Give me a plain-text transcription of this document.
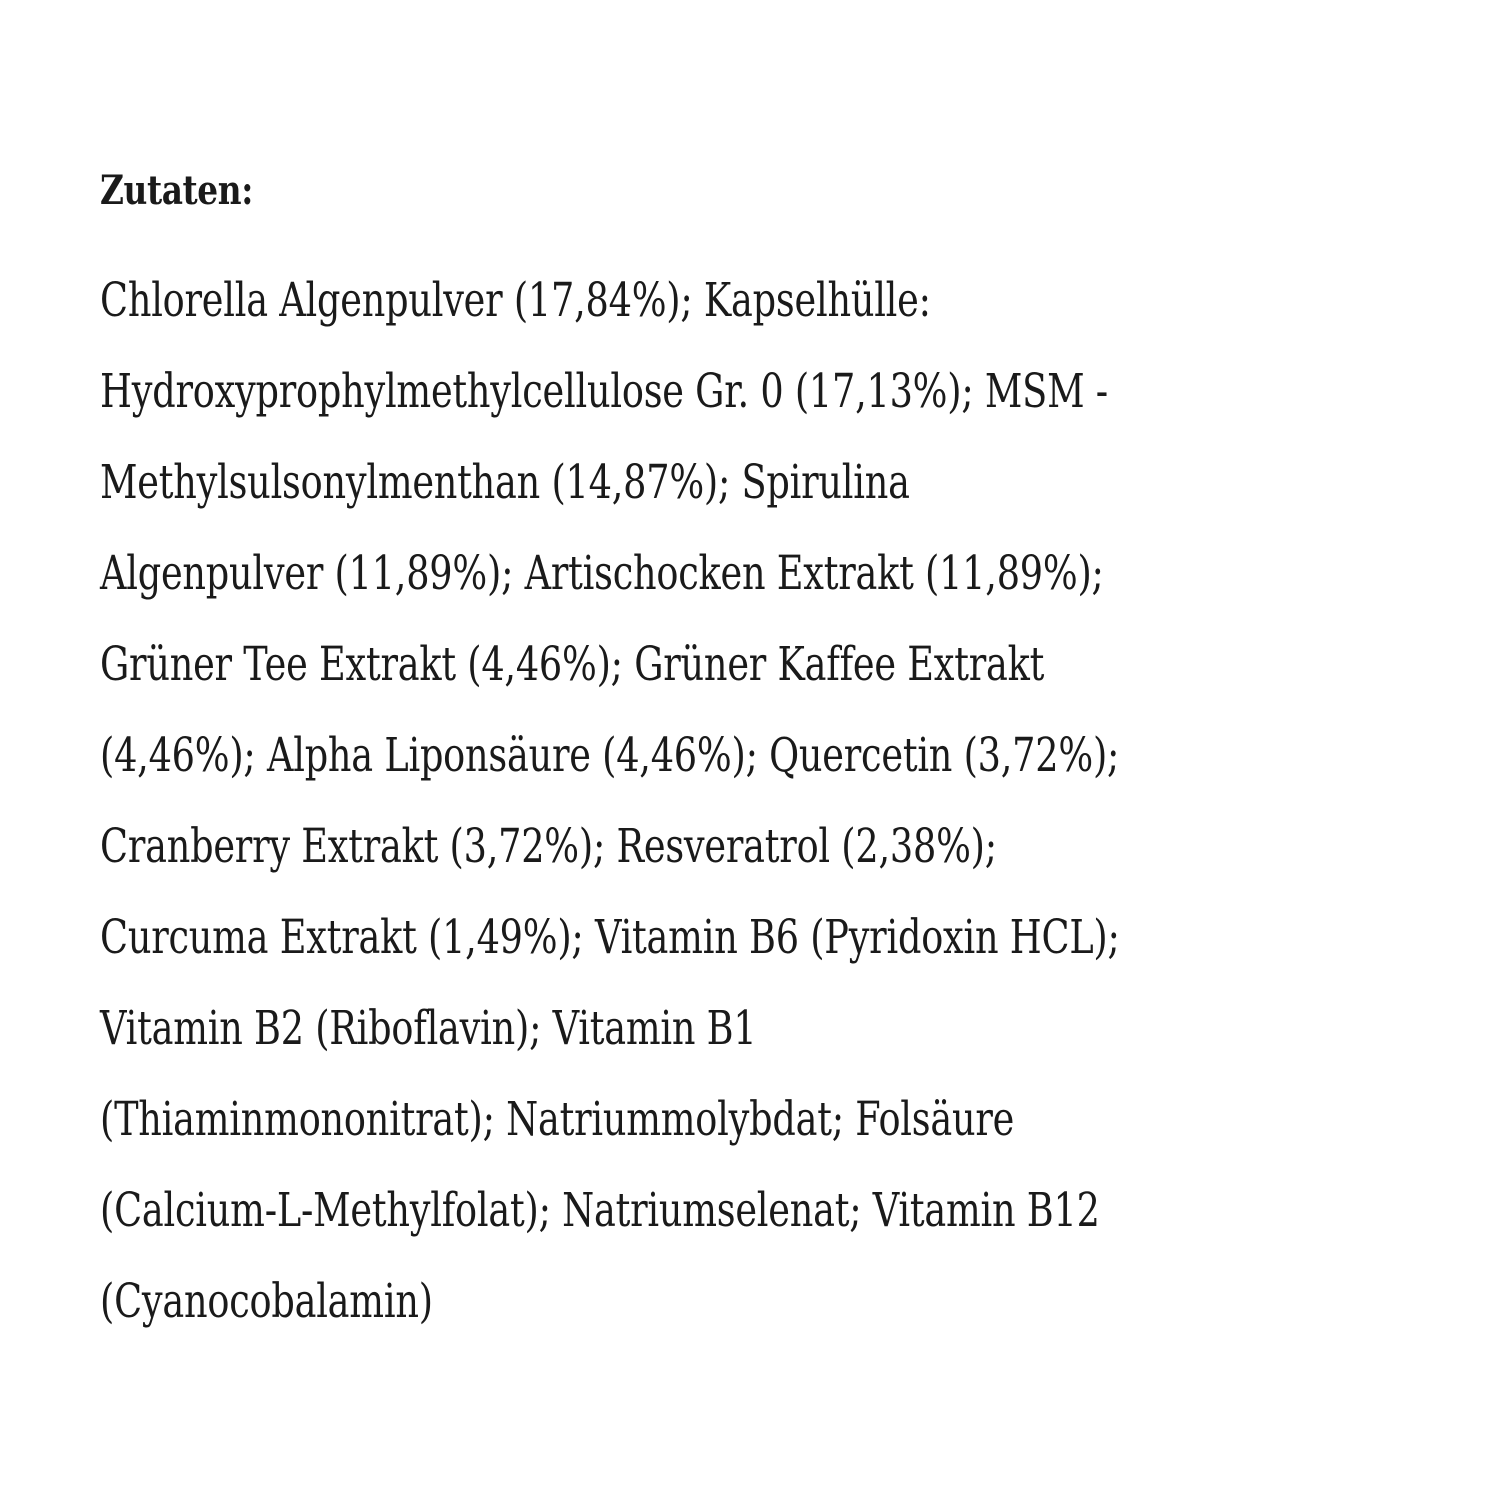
Zutaten:
Chlorella Algenpulver (17,84%); Kapselhülle:
Hydroxyprophylmethylcellulose Gr. 0 (17,13%); MSM -
Methylsulsonylmenthan (14,87%); Spirulina
Algenpulver (11,89%); Artischocken Extrakt (11,89%);
Grüner Tee Extrakt (4,46%); Grüner Kaffee Extrakt
(4,46%); Alpha Liponsäure (4,46%); Quercetin (3,72%);
Cranberry Extrakt (3,72%); Resveratrol (2,38%);
Curcuma Extrakt (1,49%); Vitamin B6 (Pyridoxin HCL);
Vitamin B2 (Riboflavin); Vitamin B1
(Thiaminmononitrat); Natriummolybdat; Folsäure
(Calcium-L-Methylfolat); Natriumselenat; Vitamin B12
(Cyanocobalamin)
